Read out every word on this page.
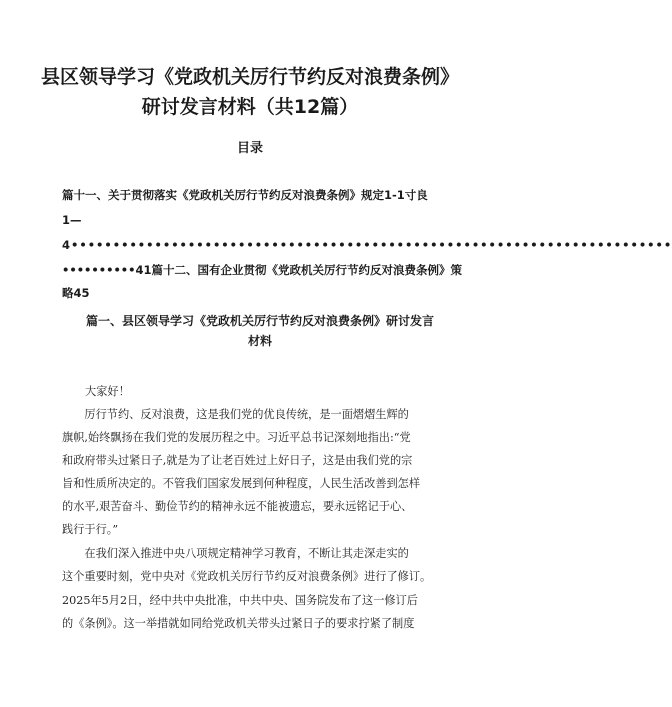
县区领导学习《党政机关厉行节约反对浪费条例》
研讨发言材料（共12篇）
目录
篇十一、关于贯彻落实《党政机关厉行节约反对浪费条例》规定1-1寸良
1—
4••••••••••••••••••••••••••••••••••••••••••••••••••••••••••••••••••••••••
••••••••••41篇十二、国有企业贯彻《党政机关厉行节约反对浪费条例》策
略45
篇一、县区领导学习《党政机关厉行节约反对浪费条例》研讨发言
材料
大家好！
　　厉行节约、反对浪费，这是我们党的优良传统，是一面熠熠生辉的
旗帜,始终飘扬在我们党的发展历程之中。习近平总书记深刻地指出:“党
和政府带头过紧日子,就是为了让老百姓过上好日子，这是由我们党的宗
旨和性质所决定的。不管我们国家发展到何种程度，人民生活改善到怎样
的水平,艰苦奋斗、勤俭节约的精神永远不能被遗忘，要永远铭记于心、
践行于行。”
　　在我们深入推进中央八项规定精神学习教育，不断让其走深走实的
这个重要时刻，党中央对《党政机关厉行节约反对浪费条例》进行了修订。
2025年5月2日，经中共中央批准，中共中央、国务院发布了这一修订后
的《条例》。这一举措就如同给党政机关带头过紧日子的要求拧紧了制度
